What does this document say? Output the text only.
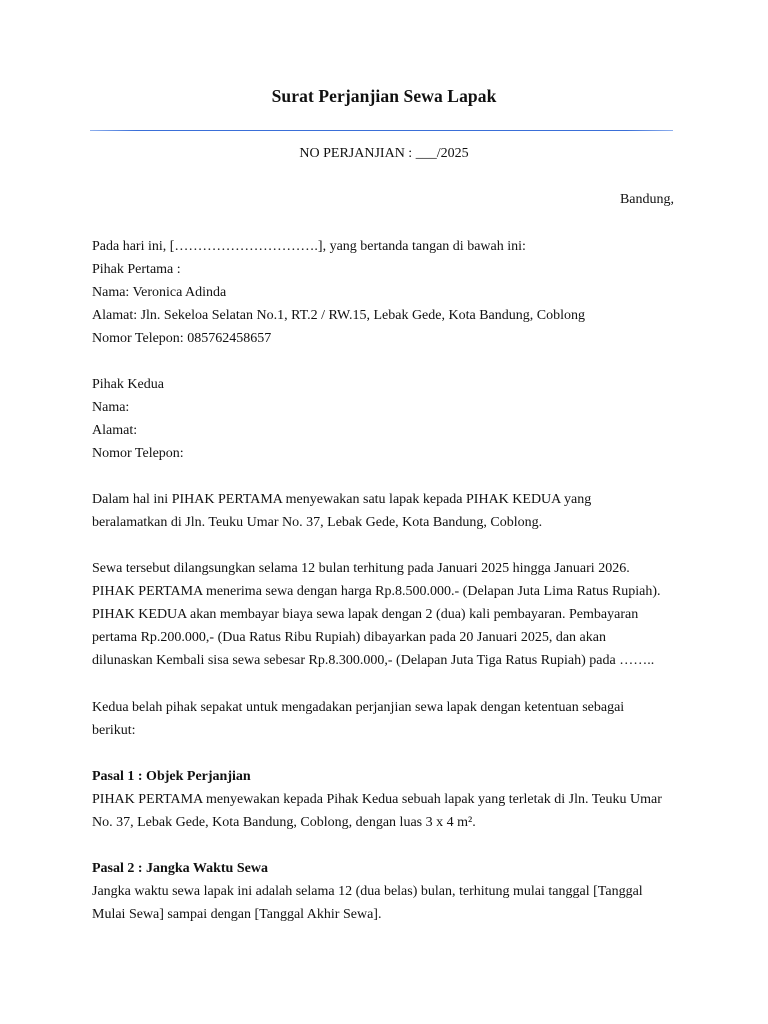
Surat Perjanjian Sewa Lapak
NO PERJANJIAN : ___/2025
Bandung,
Pada hari ini, [………………………….], yang bertanda tangan di bawah ini:
Pihak Pertama :
Nama: Veronica Adinda
Alamat: Jln. Sekeloa Selatan No.1, RT.2 / RW.15, Lebak Gede, Kota Bandung, Coblong
Nomor Telepon: 085762458657
Pihak Kedua
Nama:
Alamat:
Nomor Telepon:
Dalam hal ini PIHAK PERTAMA menyewakan satu lapak kepada PIHAK KEDUA yang
beralamatkan di Jln. Teuku Umar No. 37, Lebak Gede, Kota Bandung, Coblong.
Sewa tersebut dilangsungkan selama 12 bulan terhitung pada Januari 2025 hingga Januari 2026.
PIHAK PERTAMA menerima sewa dengan harga Rp.8.500.000.- (Delapan Juta Lima Ratus Rupiah).
PIHAK KEDUA akan membayar biaya sewa lapak dengan 2 (dua) kali pembayaran. Pembayaran
pertama Rp.200.000,- (Dua Ratus Ribu Rupiah) dibayarkan pada 20 Januari 2025, dan akan
dilunaskan Kembali sisa sewa sebesar Rp.8.300.000,- (Delapan Juta Tiga Ratus Rupiah) pada ……..
Kedua belah pihak sepakat untuk mengadakan perjanjian sewa lapak dengan ketentuan sebagai
berikut:
Pasal 1 : Objek Perjanjian
PIHAK PERTAMA menyewakan kepada Pihak Kedua sebuah lapak yang terletak di Jln. Teuku Umar
No. 37, Lebak Gede, Kota Bandung, Coblong, dengan luas 3 x 4 m².
Pasal 2 : Jangka Waktu Sewa
Jangka waktu sewa lapak ini adalah selama 12 (dua belas) bulan, terhitung mulai tanggal [Tanggal
Mulai Sewa] sampai dengan [Tanggal Akhir Sewa].
